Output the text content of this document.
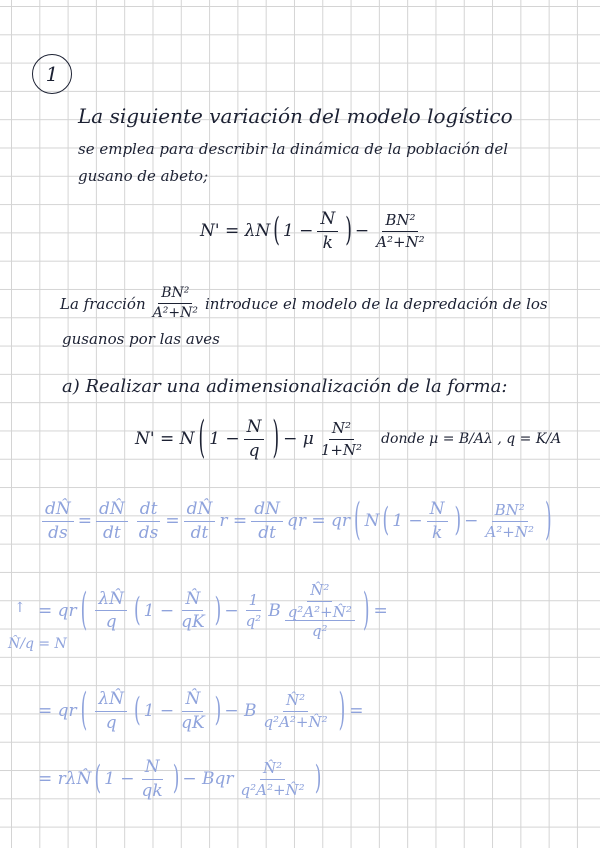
1
La siguiente variación del modelo logístico
se emplea para describir la dinámica de la población del
gusano de abeto;
N' = λN ( $1 - \frac{N}{k}$ ) − $\frac{\text{BN²}}{\text{A²+N²}}$
La fracción $\frac{\text{BN²}}{\text{A²+N²}}$ introduce el modelo de la depredación de los
gusanos por las aves
a) Realizar una adimensionalización de la forma:
N' = N ( $1 - \frac{N}{q}$ ) − μ $\frac{\text{N²}}{\text{1+N²}}$ donde μ = B/Aλ , q = K/A
$\frac{dN̂}{ds} = \frac{dN̂}{dt} \frac{dt}{ds} = \frac{dN̂}{dt}$ $r = \frac{dN}{dt}$ qr = qr ( N ( $1 - \frac{N}{k}$ ) − $\frac{\text{BN²}}{\text{A²+N²}}$ )
= qr ( $\frac{\lambda N̂}{q}$ ( $1 - \frac{N̂}{qK}$ ) − $\frac{1}{\text{q²}}$ B
N̂²
q²A²+N̂²
q² ) =
↑
N̂/q = N
= qr ( $\frac{\lambda N̂}{q}$ ( $1 - \frac{N̂}{qK}$ ) − B $\frac{\text{N̂²}}{\text{q²A²+N̂²}}$ ) =
= rλN̂ ( $1 - \frac{N}{qk}$ ) − Bqr $\frac{\text{N̂²}}{\text{q²A²+N̂²}}$ )
